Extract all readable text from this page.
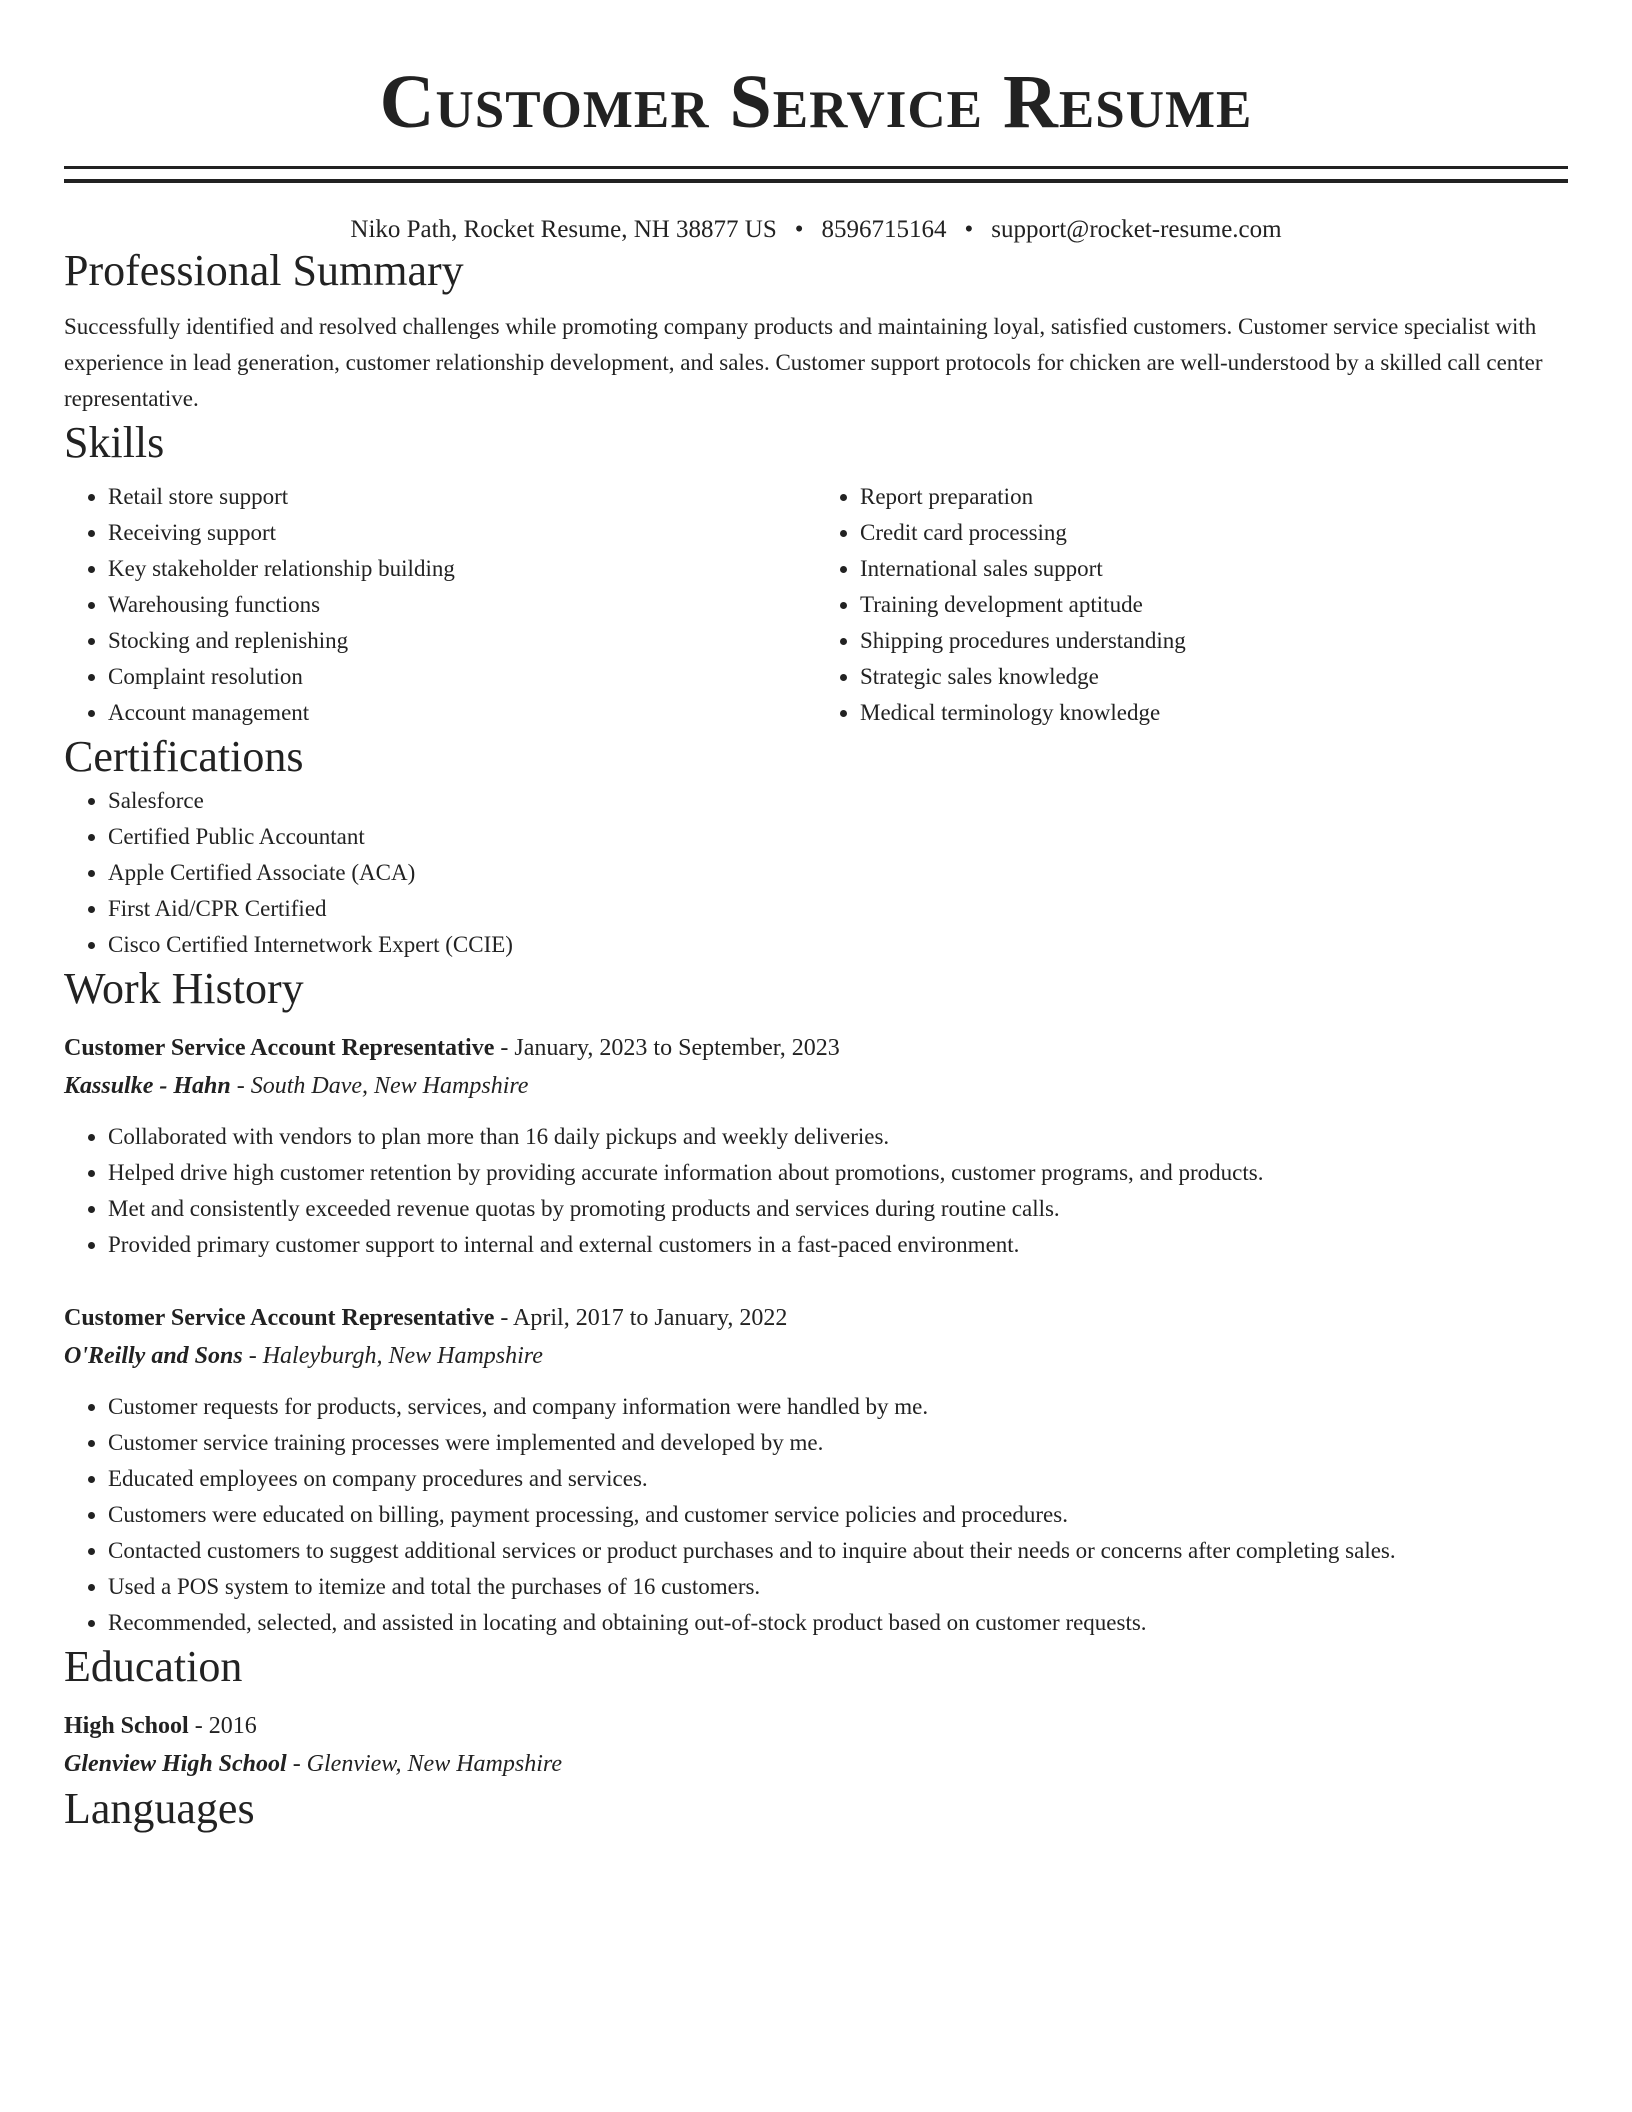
Customer Service Resume
Niko Path, Rocket Resume, NH 38877 US • 8596715164 • support@rocket-resume.com
Professional Summary

Successfully identified and resolved challenges while promoting company products and maintaining loyal, satisfied customers. Customer service specialist with experience in lead generation, customer relationship development, and sales. Customer support protocols for chicken are well-understood by a skilled call center representative.

Skills
• Retail store support
• Receiving support
• Key stakeholder relationship building
• Warehousing functions
• Stocking and replenishing
• Complaint resolution
• Account management
• Report preparation
• Credit card processing
• International sales support
• Training development aptitude
• Shipping procedures understanding
• Strategic sales knowledge
• Medical terminology knowledge
Certifications
• Salesforce
• Certified Public Accountant
• Apple Certified Associate (ACA)
• First Aid/CPR Certified
• Cisco Certified Internetwork Expert (CCIE)
Work History
Customer Service Account Representative - January, 2023 to September, 2023
Kassulke - Hahn - South Dave, New Hampshire
• Collaborated with vendors to plan more than 16 daily pickups and weekly deliveries.
• Helped drive high customer retention by providing accurate information about promotions, customer programs, and products.
• Met and consistently exceeded revenue quotas by promoting products and services during routine calls.
• Provided primary customer support to internal and external customers in a fast-paced environment.
Customer Service Account Representative - April, 2017 to January, 2022
O'Reilly and Sons - Haleyburgh, New Hampshire
• Customer requests for products, services, and company information were handled by me.
• Customer service training processes were implemented and developed by me.
• Educated employees on company procedures and services.
• Customers were educated on billing, payment processing, and customer service policies and procedures.
• Contacted customers to suggest additional services or product purchases and to inquire about their needs or concerns after completing sales.
• Used a POS system to itemize and total the purchases of 16 customers.
• Recommended, selected, and assisted in locating and obtaining out-of-stock product based on customer requests.
Education
High School - 2016
Glenview High School - Glenview, New Hampshire
Languages
